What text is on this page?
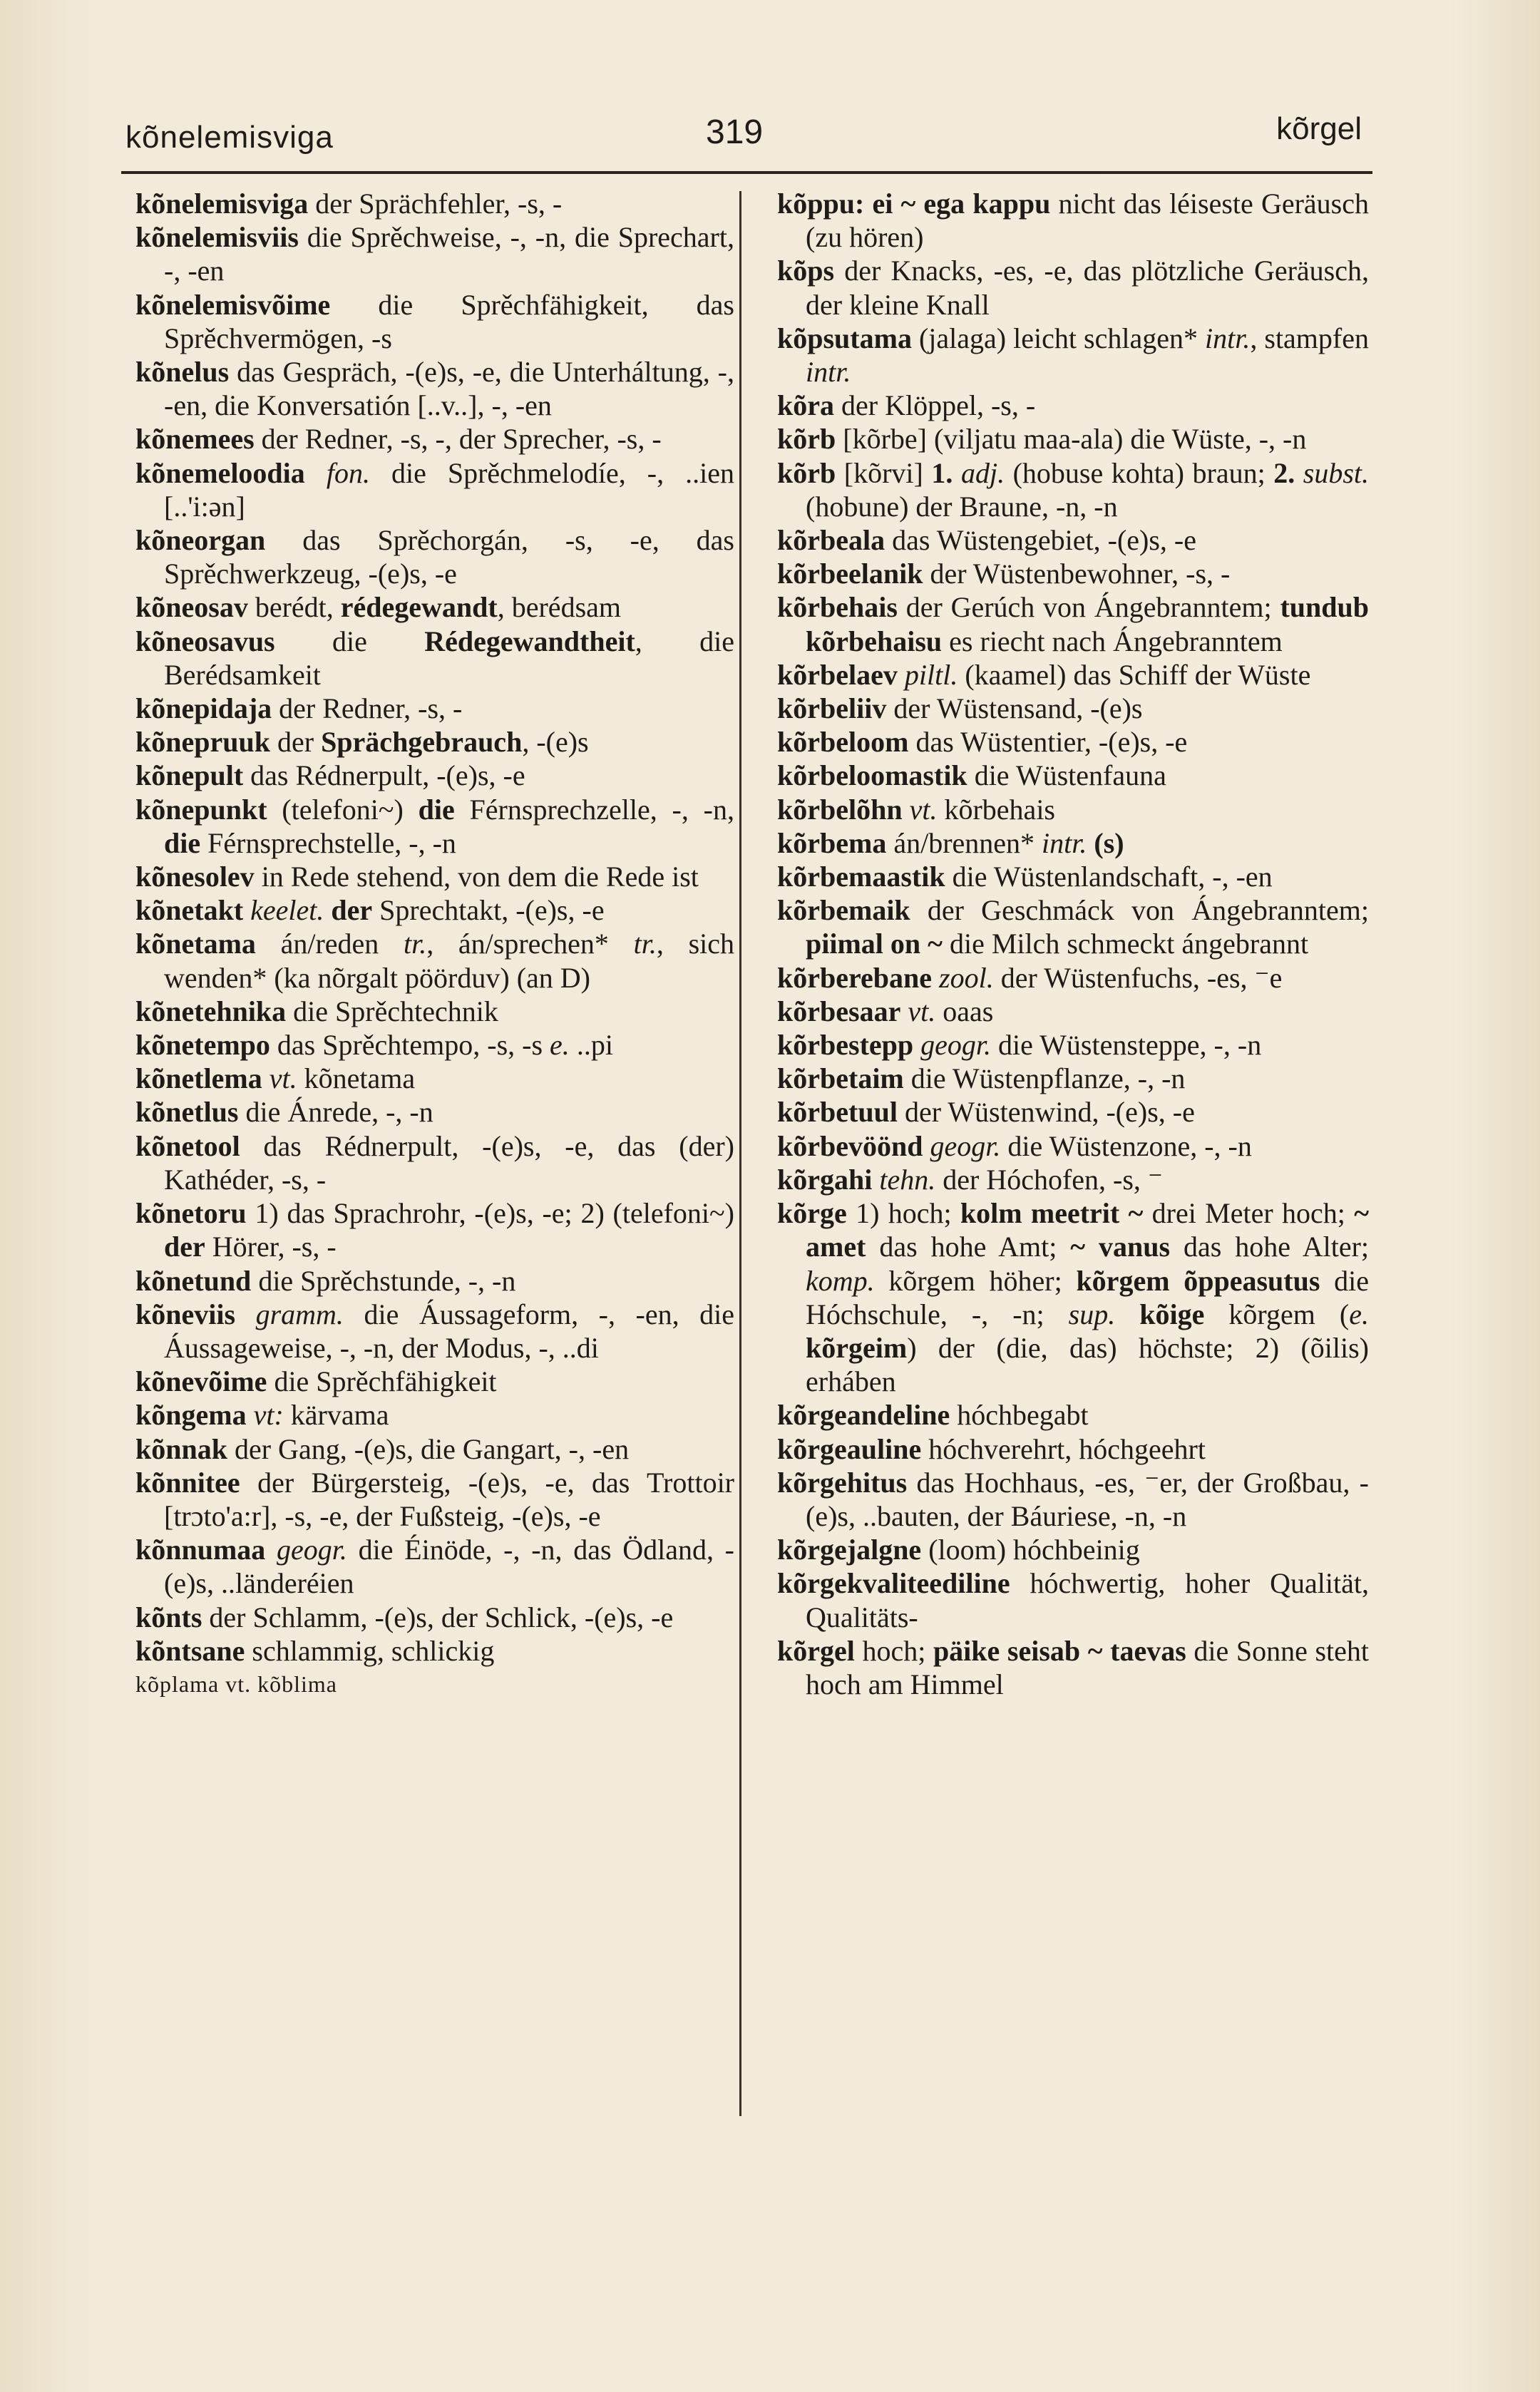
kõnelemisviga	319	kõrgel
kõnelemisviga der Sprächfehler, -s, -
kõnelemisviis die Sprěchweise, -, -n, die Sprechart, -, -en
kõnelemisvõime die Sprěchfähigkeit, das Sprěchvermögen, -s
kõnelus das Gespräch, -(e)s, -e, die Unterháltung, -, -en, die Konversatión [..v..], -, -en
kõnemees der Redner, -s, -, der Sprecher, -s, -
kõnemeloodia fon. die Sprěchmelodíe, -, ..ien [..'i:ən]
kõneorgan das Sprěchorgán, -s, -e, das Sprěchwerkzeug, -(e)s, -e
kõneosav berédt, rédegewandt, berédsam
kõneosavus die Rédegewandtheit, die Berédsamkeit
kõnepidaja der Redner, -s, -
kõnepruuk der Sprächgebrauch, -(e)s
kõnepult das Rédnerpult, -(e)s, -e
kõnepunkt (telefoni~) die Férnsprechzelle, -, -n, die Férnsprechstelle, -, -n
kõnesolev in Rede stehend, von dem die Rede ist
kõnetakt keelet. der Sprechtakt, -(e)s, -e
kõnetama án/reden tr., án/sprechen* tr., sich wenden* (ka nõrgalt pöörduv) (an D)
kõnetehnika die Sprěchtechnik
kõnetempo das Sprěchtempo, -s, -s e. ..pi
kõnetlema vt. kõnetama
kõnetlus die Ánrede, -, -n
kõnetool das Rédnerpult, -(e)s, -e, das (der) Kathéder, -s, -
kõnetoru 1) das Sprachrohr, -(e)s, -e; 2) (telefoni~) der Hörer, -s, -
kõnetund die Sprěchstunde, -, -n
kõneviis gramm. die Áussageform, -, -en, die Áussageweise, -, -n, der Modus, -, ..di
kõnevõime die Sprěchfähigkeit
kõngema vt: kärvama
kõnnak der Gang, -(e)s, die Gangart, -, -en
kõnnitee der Bürgersteig, -(e)s, -e, das Trottoir [trɔto'a:r], -s, -e, der Fußsteig, -(e)s, -e
kõnnumaa geogr. die Éinöde, -, -n, das Ödland, -(e)s, ..länderéien
kõnts der Schlamm, -(e)s, der Schlick, -(e)s, -e
kõntsane schlammig, schlickig
kõplama vt. kõblima
kõppu: ei ~ ega kappu nicht das léiseste Geräusch (zu hören)
kõps der Knacks, -es, -e, das plötzliche Geräusch, der kleine Knall
kõpsutama (jalaga) leicht schlagen* intr., stampfen intr.
kõra der Klöppel, -s, -
kõrb [kõrbe] (viljatu maa-ala) die Wüste, -, -n
kõrb [kõrvi] 1. adj. (hobuse kohta) braun; 2. subst. (hobune) der Braune, -n, -n
kõrbeala das Wüstengebiet, -(e)s, -e
kõrbeelanik der Wüstenbewohner, -s, -
kõrbehais der Gerúch von Ángebranntem; tundub kõrbehaisu es riecht nach Ángebranntem
kõrbelaev piltl. (kaamel) das Schiff der Wüste
kõrbeliiv der Wüstensand, -(e)s
kõrbeloom das Wüstentier, -(e)s, -e
kõrbeloomastik die Wüstenfauna
kõrbelõhn vt. kõrbehais
kõrbema án/brennen* intr. (s)
kõrbemaastik die Wüstenlandschaft, -, -en
kõrbemaik der Geschmáck von Ángebranntem; piimal on ~ die Milch schmeckt ángebrannt
kõrberebane zool. der Wüstenfuchs, -es, ⁻e
kõrbesaar vt. oaas
kõrbestepp geogr. die Wüstensteppe, -, -n
kõrbetaim die Wüstenpflanze, -, -n
kõrbetuul der Wüstenwind, -(e)s, -e
kõrbevöönd geogr. die Wüstenzone, -, -n
kõrgahi tehn. der Hóchofen, -s, ⁻
kõrge 1) hoch; kolm meetrit ~ drei Meter hoch; ~ amet das hohe Amt; ~ vanus das hohe Alter; komp. kõrgem höher; kõrgem õppeasutus die Hóchschule, -, -n; sup. kõige kõrgem (e. kõrgeim) der (die, das) höchste; 2) (õilis) erháben
kõrgeandeline hóchbegabt
kõrgeauline hóchverehrt, hóchgeehrt
kõrgehitus das Hochhaus, -es, ⁻er, der Großbau, -(e)s, ..bauten, der Báuriese, -n, -n
kõrgejalgne (loom) hóchbeinig
kõrgekvaliteediline hóchwertig, hoher Qualität, Qualitäts-
kõrgel hoch; päike seisab ~ taevas die Sonne steht hoch am Himmel
